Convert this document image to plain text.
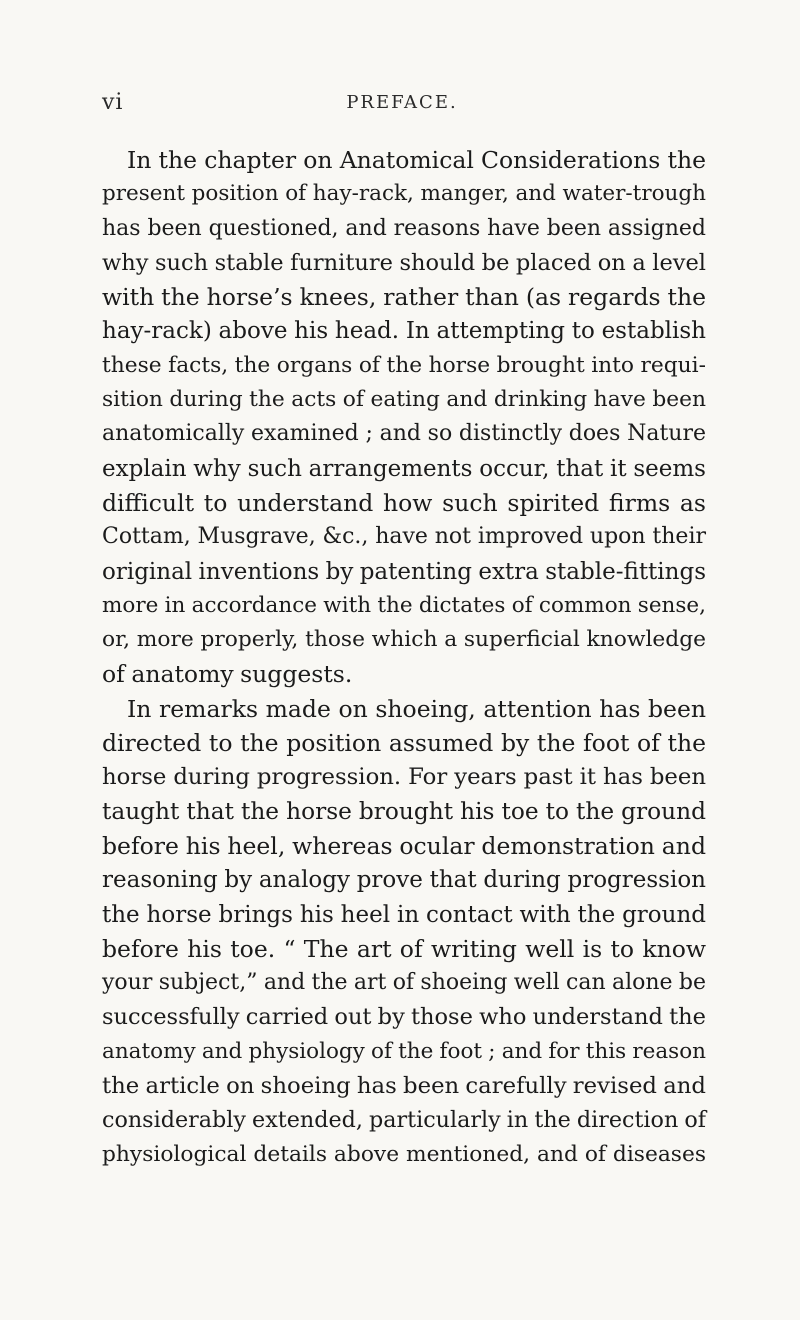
vi	PREFACE.
In the chapter on Anatomical Considerations the
present position of hay-rack, manger, and water-trough
has been questioned, and reasons have been assigned
why such stable furniture should be placed on a level
with the horse’s knees, rather than (as regards the
hay-rack) above his head. In attempting to establish
these facts, the organs of the horse brought into requi-
sition during the acts of eating and drinking have been
anatomically examined ; and so distinctly does Nature
explain why such arrangements occur, that it seems
difficult to understand how such spirited firms as
Cottam, Musgrave, &c., have not improved upon their
original inventions by patenting extra stable-fittings
more in accordance with the dictates of common sense,
or, more properly, those which a superficial knowledge
of anatomy suggests.
In remarks made on shoeing, attention has been
directed to the position assumed by the foot of the
horse during progression. For years past it has been
taught that the horse brought his toe to the ground
before his heel, whereas ocular demonstration and
reasoning by analogy prove that during progression
the horse brings his heel in contact with the ground
before his toe. “ The art of writing well is to know
your subject,” and the art of shoeing well can alone be
successfully carried out by those who understand the
anatomy and physiology of the foot ; and for this reason
the article on shoeing has been carefully revised and
considerably extended, particularly in the direction of
physiological details above mentioned, and of diseases
